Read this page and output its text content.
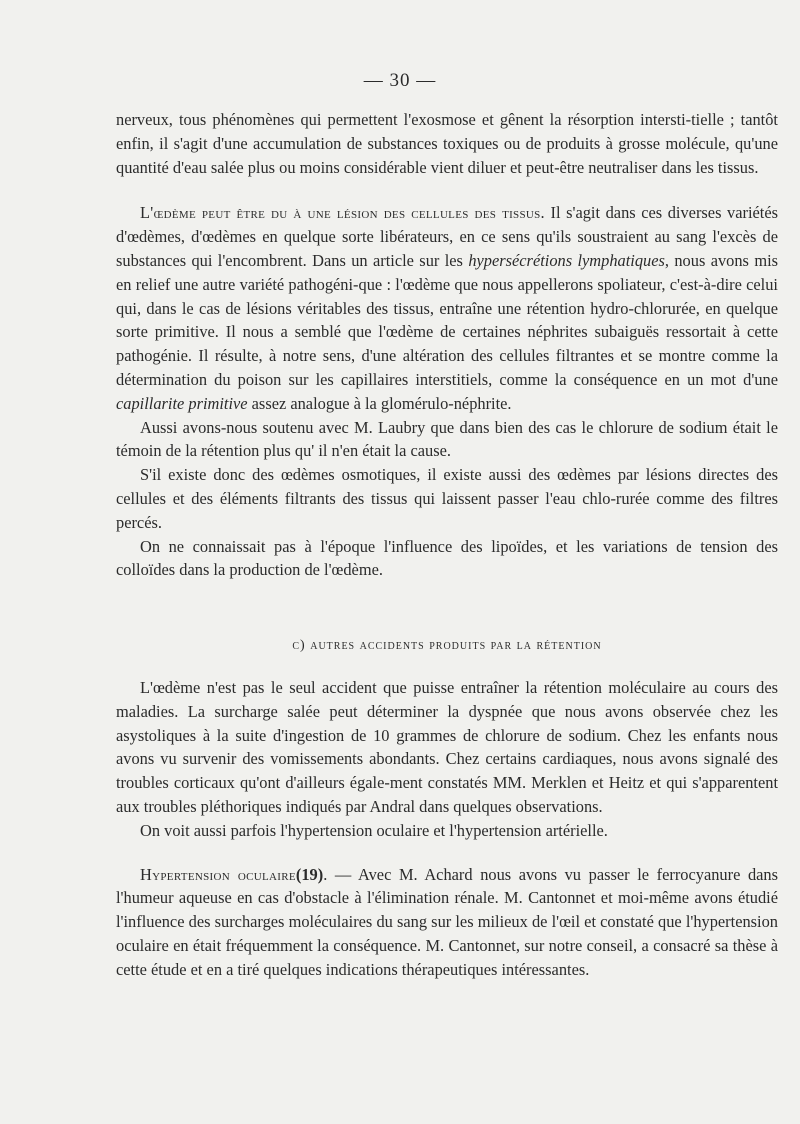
— 30 —

nerveux, tous phénomènes qui permettent l'exosmose et gênent la résorption intersti-tielle ; tantôt enfin, il s'agit d'une accumulation de substances toxiques ou de produits à grosse molécule, qu'une quantité d'eau salée plus ou moins considérable vient diluer et peut-être neutraliser dans les tissus.

L'œdème peut être du à une lésion des cellules des tissus. Il s'agit dans ces diverses variétés d'œdèmes, d'œdèmes en quelque sorte libérateurs, en ce sens qu'ils soustraient au sang l'excès de substances qui l'encombrent. Dans un article sur les hypersécrétions lymphatiques, nous avons mis en relief une autre variété pathogéni-que : l'œdème que nous appellerons spoliateur, c'est-à-dire celui qui, dans le cas de lésions véritables des tissus, entraîne une rétention hydro-chlorurée, en quelque sorte primitive. Il nous a semblé que l'œdème de certaines néphrites subaiguës ressortait à cette pathogénie. Il résulte, à notre sens, d'une altération des cellules filtrantes et se montre comme la détermination du poison sur les capillaires interstitiels, comme la conséquence en un mot d'une capillarite primitive assez analogue à la glomérulo-néphrite.

Aussi avons-nous soutenu avec M. Laubry que dans bien des cas le chlorure de sodium était le témoin de la rétention plus qu' il n'en était la cause.

S'il existe donc des œdèmes osmotiques, il existe aussi des œdèmes par lésions directes des cellules et des éléments filtrants des tissus qui laissent passer l'eau chlo-rurée comme des filtres percés.

On ne connaissait pas à l'époque l'influence des lipoïdes, et les variations de tension des colloïdes dans la production de l'œdème.

c) autres accidents produits par la rétention

L'œdème n'est pas le seul accident que puisse entraîner la rétention moléculaire au cours des maladies. La surcharge salée peut déterminer la dyspnée que nous avons observée chez les asystoliques à la suite d'ingestion de 10 grammes de chlorure de sodium. Chez les enfants nous avons vu survenir des vomissements abondants. Chez certains cardiaques, nous avons signalé des troubles corticaux qu'ont d'ailleurs égale-ment constatés MM. Merklen et Heitz et qui s'apparentent aux troubles pléthoriques indiqués par Andral dans quelques observations.

On voit aussi parfois l'hypertension oculaire et l'hypertension artérielle.

Hypertension oculaire(19). — Avec M. Achard nous avons vu passer le ferrocyanure dans l'humeur aqueuse en cas d'obstacle à l'élimination rénale. M. Cantonnet et moi-même avons étudié l'influence des surcharges moléculaires du sang sur les milieux de l'œil et constaté que l'hypertension oculaire en était fréquemment la conséquence. M. Cantonnet, sur notre conseil, a consacré sa thèse à cette étude et en a tiré quelques indications thérapeutiques intéressantes.
